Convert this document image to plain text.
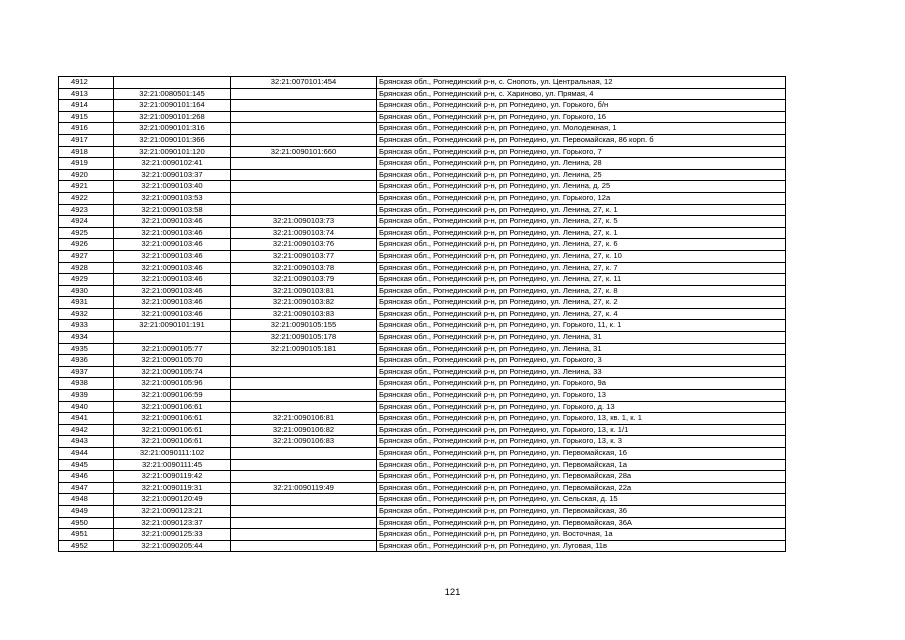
4912		32:21:0070101:454	Брянская обл., Рогнединский р-н, с. Снопоть, ул. Центральная, 12
4913	32:21:0080501:145		Брянская обл., Рогнединский р-н, с. Хариново, ул. Прямая, 4
4914	32:21:0090101:164		Брянская обл., Рогнединский р-н, рп Рогнедино, ул. Горького, б/н
4915	32:21:0090101:268		Брянская обл., Рогнединский р-н, рп Рогнедино, ул. Горького, 16
4916	32:21:0090101:316		Брянская обл., Рогнединский р-н, рп Рогнедино, ул. Молодежная, 1
4917	32:21:0090101:366		Брянская обл., Рогнединский р-н, рп Рогнедино, ул. Первомайская, 86 корп. б
4918	32:21:0090101:120	32:21:0090101:660	Брянская обл., Рогнединский р-н, рп Рогнедино, ул. Горького, 7
4919	32:21:0090102:41		Брянская обл., Рогнединский р-н, рп Рогнедино, ул. Ленина, 28
4920	32:21:0090103:37		Брянская обл., Рогнединский р-н, рп Рогнедино, ул. Ленина, 25
4921	32:21:0090103:40		Брянская обл., Рогнединский р-н, рп Рогнедино, ул. Ленина, д. 25
4922	32:21:0090103:53		Брянская обл., Рогнединский р-н, рп Рогнедино, ул. Горького, 12а
4923	32:21:0090103:58		Брянская обл., Рогнединский р-н, рп Рогнедино, ул. Ленина, 27, к. 1
4924	32:21:0090103:46	32:21:0090103:73	Брянская обл., Рогнединский р-н, рп Рогнедино, ул. Ленина, 27, к. 5
4925	32:21:0090103:46	32:21:0090103:74	Брянская обл., Рогнединский р-н, рп Рогнедино, ул. Ленина, 27, к. 1
4926	32:21:0090103:46	32:21:0090103:76	Брянская обл., Рогнединский р-н, рп Рогнедино, ул. Ленина, 27, к. 6
4927	32:21:0090103:46	32:21:0090103:77	Брянская обл., Рогнединский р-н, рп Рогнедино, ул. Ленина, 27, к. 10
4928	32:21:0090103:46	32:21:0090103:78	Брянская обл., Рогнединский р-н, рп Рогнедино, ул. Ленина, 27, к. 7
4929	32:21:0090103:46	32:21:0090103:79	Брянская обл., Рогнединский р-н, рп Рогнедино, ул. Ленина, 27, к. 11
4930	32:21:0090103:46	32:21:0090103:81	Брянская обл., Рогнединский р-н, рп Рогнедино, ул. Ленина, 27, к. 8
4931	32:21:0090103:46	32:21:0090103:82	Брянская обл., Рогнединский р-н, рп Рогнедино, ул. Ленина, 27, к. 2
4932	32:21:0090103:46	32:21:0090103:83	Брянская обл., Рогнединский р-н, рп Рогнедино, ул. Ленина, 27, к. 4
4933	32:21:0090101:191	32:21:0090105:155	Брянская обл., Рогнединский р-н, рп Рогнедино, ул. Горького, 11, к. 1
4934		32:21:0090105:178	Брянская обл., Рогнединский р-н, рп Рогнедино, ул. Ленина, 31
4935	32:21:0090105:77	32:21:0090105:181	Брянская обл., Рогнединский р-н, рп Рогнедино, ул. Ленина, 31
4936	32:21:0090105:70		Брянская обл., Рогнединский р-н, рп Рогнедино, ул. Горького, 3
4937	32:21:0090105:74		Брянская обл., Рогнединский р-н, рп Рогнедино, ул. Ленина, 33
4938	32:21:0090105:96		Брянская обл., Рогнединский р-н, рп Рогнедино, ул. Горького, 9а
4939	32:21:0090106:59		Брянская обл., Рогнединский р-н, рп Рогнедино, ул. Горького, 13
4940	32:21:0090106:61		Брянская обл., Рогнединский р-н, рп Рогнедино, ул. Горького, д. 13
4941	32:21:0090106:61	32:21:0090106:81	Брянская обл., Рогнединский р-н, рп Рогнедино, ул. Горького, 13, кв. 1, к. 1
4942	32:21:0090106:61	32:21:0090106:82	Брянская обл., Рогнединский р-н, рп Рогнедино, ул. Горького, 13, к. 1/1
4943	32:21:0090106:61	32:21:0090106:83	Брянская обл., Рогнединский р-н, рп Рогнедино, ул. Горького, 13, к. 3
4944	32:21:0090111:102		Брянская обл., Рогнединский р-н, рп Рогнедино, ул. Первомайская, 16
4945	32:21:0090111:45		Брянская обл., Рогнединский р-н, рп Рогнедино, ул. Первомайская, 1а
4946	32:21:0090119:42		Брянская обл., Рогнединский р-н, рп Рогнедино, ул. Первомайская, 28а
4947	32:21:0090119:31	32:21:0090119:49	Брянская обл., Рогнединский р-н, рп Рогнедино, ул. Первомайская, 22а
4948	32:21:0090120:49		Брянская обл., Рогнединский р-н, рп Рогнедино, ул. Сельская, д. 15
4949	32:21:0090123:21		Брянская обл., Рогнединский р-н, рп Рогнедино, ул. Первомайская, 36
4950	32:21:0090123:37		Брянская обл., Рогнединский р-н, рп Рогнедино, ул. Первомайская, 36А
4951	32:21:0090125:33		Брянская обл., Рогнединский р-н, рп Рогнедино, ул. Восточная, 1а
4952	32:21:0090205:44		Брянская обл., Рогнединский р-н, рп Рогнедино, ул. Луговая, 11в
121
